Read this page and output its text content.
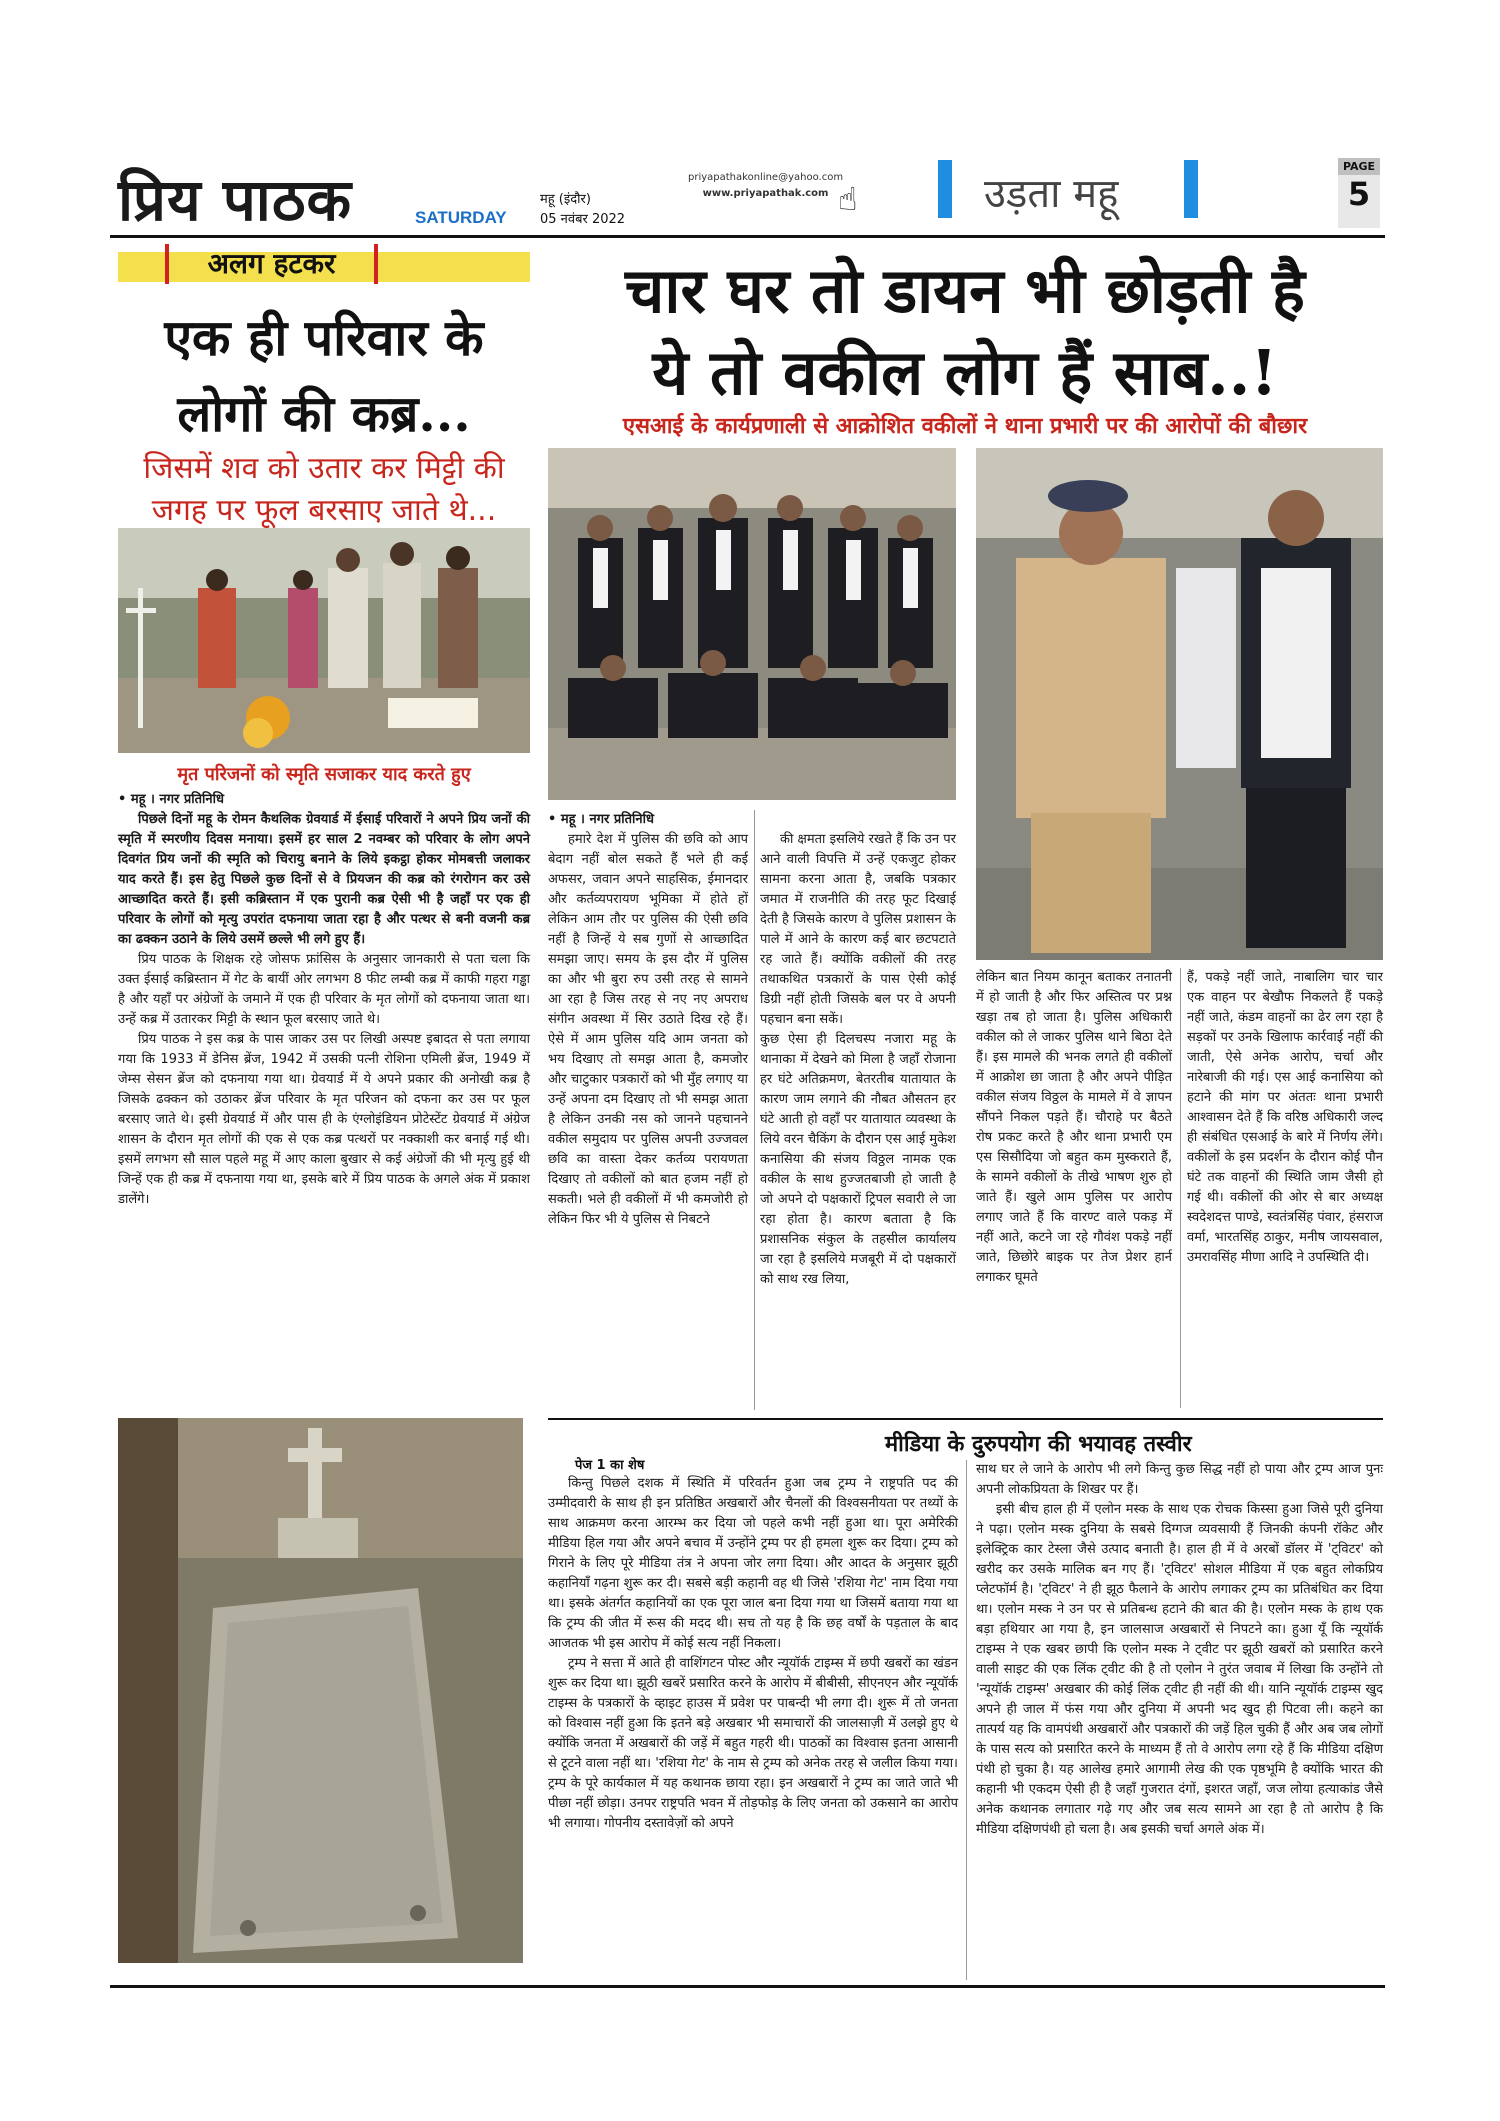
प्रिय पाठक	SATURDAY
महू (इंदौर)
05 नवंबर 2022
priyapathakonline@yahoo.com
www.priyapathak.com ☝	उड़ता महू
PAGE
5
अलग हटकर
एक ही परिवार के लोगों की कब्र...
जिसमें शव को उतार कर मिट्टी की जगह पर फूल बरसाए जाते थे...
मृत परिजनों को स्मृति सजाकर याद करते हुए
• महू । नगर प्रतिनिधि

पिछले दिनों महू के रोमन कैथलिक ग्रेवयार्ड में ईसाई परिवारों ने अपने प्रिय जनों की स्मृति में स्मरणीय दिवस मनाया। इसमें हर साल 2 नवम्बर को परिवार के लोग अपने दिवगंत प्रिय जनों की स्मृति को चिरायु बनाने के लिये इकट्ठा होकर मोमबत्ती जलाकर याद करते हैं। इस हेतु पिछले कुछ दिनों से वे प्रियजन की कब्र को रंगरोगन कर उसे आच्छादित करते हैं। इसी कब्रिस्तान में एक पुरानी कब्र ऐसी भी है जहाँ पर एक ही परिवार के लोगों को मृत्यु उपरांत दफनाया जाता रहा है और पत्थर से बनी वजनी कब्र का ढक्कन उठाने के लिये उसमें छल्ले भी लगे हुए हैं।

प्रिय पाठक के शिक्षक रहे जोसफ फ्रांसिस के अनुसार जानकारी से पता चला कि उक्त ईसाई कब्रिस्तान में गेट के बायीं ओर लगभग 8 फीट लम्बी कब्र में काफी गहरा गड्ढा है और यहाँ पर अंग्रेजों के जमाने में एक ही परिवार के मृत लोगों को दफनाया जाता था। उन्हें कब्र में उतारकर मिट्टी के स्थान फूल बरसाए जाते थे।

प्रिय पाठक ने इस कब्र के पास जाकर उस पर लिखी अस्पष्ट इबादत से पता लगाया गया कि 1933 में डेनिस ब्रेंज, 1942 में उसकी पत्नी रोशिना एमिली ब्रेंज, 1949 में जेम्स सेसन ब्रेंज को दफनाया गया था। ग्रेवयार्ड में ये अपने प्रकार की अनोखी कब्र है जिसके ढक्कन को उठाकर ब्रेंज परिवार के मृत परिजन को दफना कर उस पर फूल बरसाए जाते थे। इसी ग्रेवयार्ड में और पास ही के एंग्लोइंडियन प्रोटेस्टेंट ग्रेवयार्ड में अंग्रेज शासन के दौरान मृत लोगों की एक से एक कब्र पत्थरों पर नक्काशी कर बनाई गई थी। इसमें लगभग सौ साल पहले महू में आए काला बुखार से कई अंग्रेजों की भी मृत्यु हुई थी जिन्हें एक ही कब्र में दफनाया गया था, इसके बारे में प्रिय पाठक के अगले अंक में प्रकाश डालेंगे।

चार घर तो डायन भी छोड़ती है
ये तो वकील लोग हैं साब..!
एसआई के कार्यप्रणाली से आक्रोशित वकीलों ने थाना प्रभारी पर की आरोपों की बौछार
• महू । नगर प्रतिनिधि

हमारे देश में पुलिस की छवि को आप बेदाग नहीं बोल सकते हैं भले ही कई अफसर, जवान अपने साहसिक, ईमानदार और कर्तव्यपरायण भूमिका में होते हों लेकिन आम तौर पर पुलिस की ऐसी छवि नहीं है जिन्हें ये सब गुणों से आच्छादित समझा जाए। समय के इस दौर में पुलिस का और भी बुरा रुप उसी तरह से सामने आ रहा है जिस तरह से नए नए अपराध संगीन अवस्था में सिर उठाते दिख रहे हैं। ऐसे में आम पुलिस यदि आम जनता को भय दिखाए तो समझ आता है, कमजोर और चाटुकार पत्रकारों को भी मुँह लगाए या उन्हें अपना दम दिखाए तो भी समझ आता है लेकिन उनकी नस को जानने पहचानने वकील समुदाय पर पुलिस अपनी उज्जवल छवि का वास्ता देकर कर्तव्य परायणता दिखाए तो वकीलों को बात हजम नहीं हो सकती। भले ही वकीलों में भी कमजोरी हो लेकिन फिर भी ये पुलिस से निबटने

की क्षमता इसलिये रखते हैं कि उन पर आने वाली विपत्ति में उन्हें एकजुट होकर सामना करना आता है, जबकि पत्रकार जमात में राजनीति की तरह फूट दिखाई देती है जिसके कारण वे पुलिस प्रशासन के पाले में आने के कारण कई बार छटपटाते रह जाते हैं। क्योंकि वकीलों की तरह तथाकथित पत्रकारों के पास ऐसी कोई डिग्री नहीं होती जिसके बल पर वे अपनी पहचान बना सकें।
कुछ ऐसा ही दिलचस्प नजारा महू के थानाका में देखने को मिला है जहाँ रोजाना हर घंटे अतिक्रमण, बेतरतीब यातायात के कारण जाम लगाने की नौबत औसतन हर घंटे आती हो वहाँ पर यातायात व्यवस्था के लिये वरन चैकिंग के दौरान एस आई मुकेश कनासिया की संजय विठ्ठल नामक एक वकील के साथ हुज्जतबाजी हो जाती है जो अपने दो पक्षकारों ट्रिपल सवारी ले जा रहा होता है। कारण बताता है कि प्रशासनिक संकुल के तहसील कार्यालय जा रहा है इसलिये मजबूरी में दो पक्षकारों को साथ रख लिया,

लेकिन बात नियम कानून बताकर तनातनी में हो जाती है और फिर अस्तित्व पर प्रश्न खड़ा तब हो जाता है। पुलिस अधिकारी वकील को ले जाकर पुलिस थाने बिठा देते हैं। इस मामले की भनक लगते ही वकीलों में आक्रोश छा जाता है और अपने पीड़ित वकील संजय विठ्ठल के मामले में वे ज्ञापन सौंपने निकल पड़ते हैं। चौराहे पर बैठते रोष प्रकट करते है और थाना प्रभारी एम एस सिसौदिया जो बहुत कम मुस्कराते हैं, के सामने वकीलों के तीखे भाषण शुरु हो जाते हैं। खुले आम पुलिस पर आरोप लगाए जाते हैं कि वारण्ट वाले पकड़ में नहीं आते, कटने जा रहे गौवंश पकड़े नहीं जाते, छिछोरे बाइक पर तेज प्रेशर हार्न लगाकर घूमते

हैं, पकड़े नहीं जाते, नाबालिग चार चार एक वाहन पर बेखौफ निकलते हैं पकड़े नहीं जाते, कंडम वाहनों का ढेर लग रहा है सड़कों पर उनके खिलाफ कार्रवाई नहीं की जाती, ऐसे अनेक आरोप, चर्चा और नारेबाजी की गई। एस आई कनासिया को हटाने की मांग पर अंततः थाना प्रभारी आश्वासन देते हैं कि वरिष्ठ अधिकारी जल्द ही संबंधित एसआई के बारे में निर्णय लेंगे। वकीलों के इस प्रदर्शन के दौरान कोई पौन घंटे तक वाहनों की स्थिति जाम जैसी हो गई थी। वकीलों की ओर से बार अध्यक्ष स्वदेशदत्त पाण्डे, स्वतंत्रसिंह पंवार, हंसराज वर्मा, भारतसिंह ठाकुर, मनीष जायसवाल, उमरावसिंह मीणा आदि ने उपस्थिति दी।

मीडिया के दुरुपयोग की भयावह तस्वीर
पेज 1 का शेष

किन्तु पिछले दशक में स्थिति में परिवर्तन हुआ जब ट्रम्प ने राष्ट्रपति पद की उम्मीदवारी के साथ ही इन प्रतिष्ठित अखबारों और चैनलों की विश्वसनीयता पर तथ्यों के साथ आक्रमण करना आरम्भ कर दिया जो पहले कभी नहीं हुआ था। पूरा अमेरिकी मीडिया हिल गया और अपने बचाव में उन्होंने ट्रम्प पर ही हमला शुरू कर दिया। ट्रम्प को गिराने के लिए पूरे मीडिया तंत्र ने अपना जोर लगा दिया। और आदत के अनुसार झूठी कहानियाँ गढ़ना शुरू कर दी। सबसे बड़ी कहानी वह थी जिसे 'रशिया गेट' नाम दिया गया था। इसके अंतर्गत कहानियों का एक पूरा जाल बना दिया गया था जिसमें बताया गया था कि ट्रम्प की जीत में रूस की मदद थी। सच तो यह है कि छह वर्षों के पड़ताल के बाद आजतक भी इस आरोप में कोई सत्य नहीं निकला।

ट्रम्प ने सत्ता में आते ही वाशिंगटन पोस्ट और न्यूयॉर्क टाइम्स में छपी खबरों का खंडन शुरू कर दिया था। झूठी खबरें प्रसारित करने के आरोप में बीबीसी, सीएनएन और न्यूयॉर्क टाइम्स के पत्रकारों के व्हाइट हाउस में प्रवेश पर पाबन्दी भी लगा दी। शुरू में तो जनता को विश्वास नहीं हुआ कि इतने बड़े अखबार भी समाचारों की जालसाज़ी में उलझे हुए थे क्योंकि जनता में अखबारों की जड़ें में बहुत गहरी थी। पाठकों का विश्वास इतना आसानी से टूटने वाला नहीं था। 'रशिया गेट' के नाम से ट्रम्प को अनेक तरह से जलील किया गया। ट्रम्प के पूरे कार्यकाल में यह कथानक छाया रहा। इन अखबारों ने ट्रम्प का जाते जाते भी पीछा नहीं छोड़ा। उनपर राष्ट्रपति भवन में तोड़फोड़ के लिए जनता को उकसाने का आरोप भी लगाया। गोपनीय दस्तावेज़ों को अपने

साथ घर ले जाने के आरोप भी लगे किन्तु कुछ सिद्ध नहीं हो पाया और ट्रम्प आज पुनः अपनी लोकप्रियता के शिखर पर हैं।

इसी बीच हाल ही में एलोन मस्क के साथ एक रोचक किस्सा हुआ जिसे पूरी दुनिया ने पढ़ा। एलोन मस्क दुनिया के सबसे दिग्गज व्यवसायी हैं जिनकी कंपनी रॉकेट और इलेक्ट्रिक कार टेस्ला जैसे उत्पाद बनाती है। हाल ही में वे अरबों डॉलर में 'ट्विटर' को खरीद कर उसके मालिक बन गए हैं। 'ट्विटर' सोशल मीडिया में एक बहुत लोकप्रिय प्लेटफॉर्म है। 'ट्विटर' ने ही झूठ फैलाने के आरोप लगाकर ट्रम्प का प्रतिबंधित कर दिया था। एलोन मस्क ने उन पर से प्रतिबन्ध हटाने की बात की है। एलोन मस्क के हाथ एक बड़ा हथियार आ गया है, इन जालसाज अखबारों से निपटने का। हुआ यूँ कि न्यूयॉर्क टाइम्स ने एक खबर छापी कि एलोन मस्क ने ट्वीट पर झूठी खबरों को प्रसारित करने वाली साइट की एक लिंक ट्वीट की है तो एलोन ने तुरंत जवाब में लिखा कि उन्होंने तो 'न्यूयॉर्क टाइम्स' अखबार की कोई लिंक ट्वीट ही नहीं की थी। यानि न्यूयॉर्क टाइम्स खुद अपने ही जाल में फंस गया और दुनिया में अपनी भद खुद ही पिटवा ली। कहने का तात्पर्य यह कि वामपंथी अखबारों और पत्रकारों की जड़ें हिल चुकी हैं और अब जब लोगों के पास सत्य को प्रसारित करने के माध्यम हैं तो वे आरोप लगा रहे हैं कि मीडिया दक्षिण पंथी हो चुका है। यह आलेख हमारे आगामी लेख की एक पृष्ठभूमि है क्योंकि भारत की कहानी भी एकदम ऐसी ही है जहाँ गुजरात दंगों, इशरत जहाँ, जज लोया हत्याकांड जैसे अनेक कथानक लगातार गढ़े गए और जब सत्य सामने आ रहा है तो आरोप है कि मीडिया दक्षिणपंथी हो चला है। अब इसकी चर्चा अगले अंक में।
